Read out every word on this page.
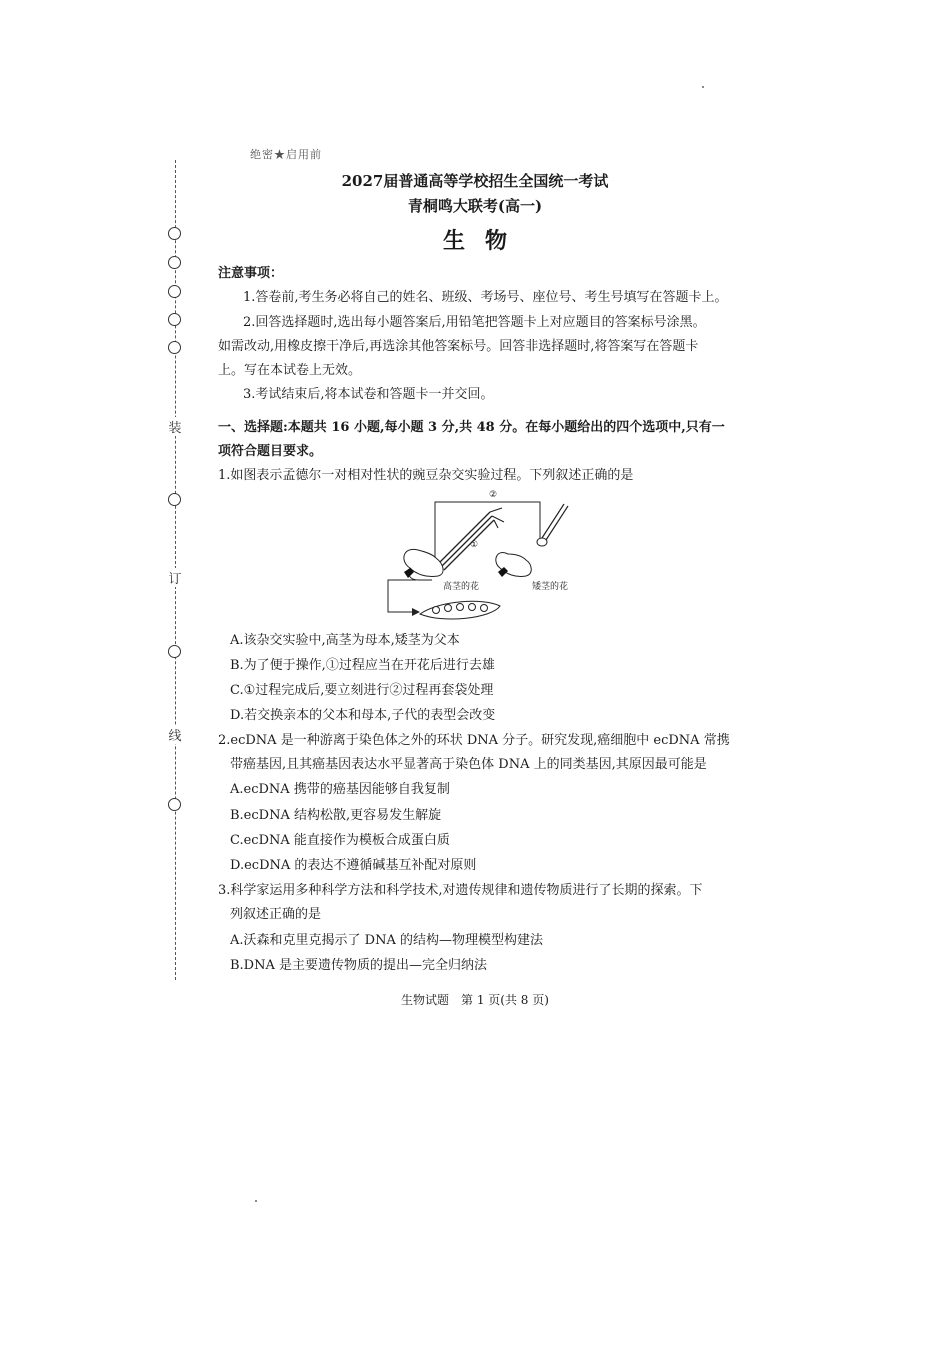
绝密★启用前
装
订
线
2027届普通高等学校招生全国统一考试
青桐鸣大联考(高一)
生物
注意事项：
1.答卷前,考生务必将自己的姓名、班级、考场号、座位号、考生号填写在答题卡上。
2.回答选择题时,选出每小题答案后,用铅笔把答题卡上对应题目的答案标号涂黑。
如需改动,用橡皮擦干净后,再选涂其他答案标号。回答非选择题时,将答案写在答题卡
上。写在本试卷上无效。
3.考试结束后,将本试卷和答题卡一并交回。
一、选择题:本题共 16 小题,每小题 3 分,共 48 分。在每小题给出的四个选项中,只有一
项符合题目要求。
1.如图表示孟德尔一对相对性状的豌豆杂交实验过程。下列叙述正确的是
②
①
高茎的花	矮茎的花
A.该杂交实验中,高茎为母本,矮茎为父本
B.为了便于操作,①过程应当在开花后进行去雄
C.①过程完成后,要立刻进行②过程再套袋处理
D.若交换亲本的父本和母本,子代的表型会改变
2.ecDNA 是一种游离于染色体之外的环状 DNA 分子。研究发现,癌细胞中 ecDNA 常携
带癌基因,且其癌基因表达水平显著高于染色体 DNA 上的同类基因,其原因最可能是
A.ecDNA 携带的癌基因能够自我复制
B.ecDNA 结构松散,更容易发生解旋
C.ecDNA 能直接作为模板合成蛋白质
D.ecDNA 的表达不遵循碱基互补配对原则
3.科学家运用多种科学方法和科学技术,对遗传规律和遗传物质进行了长期的探索。下
列叙述正确的是
A.沃森和克里克揭示了 DNA 的结构—物理模型构建法
B.DNA 是主要遗传物质的提出—完全归纳法
生物试题　第 1 页(共 8 页)
